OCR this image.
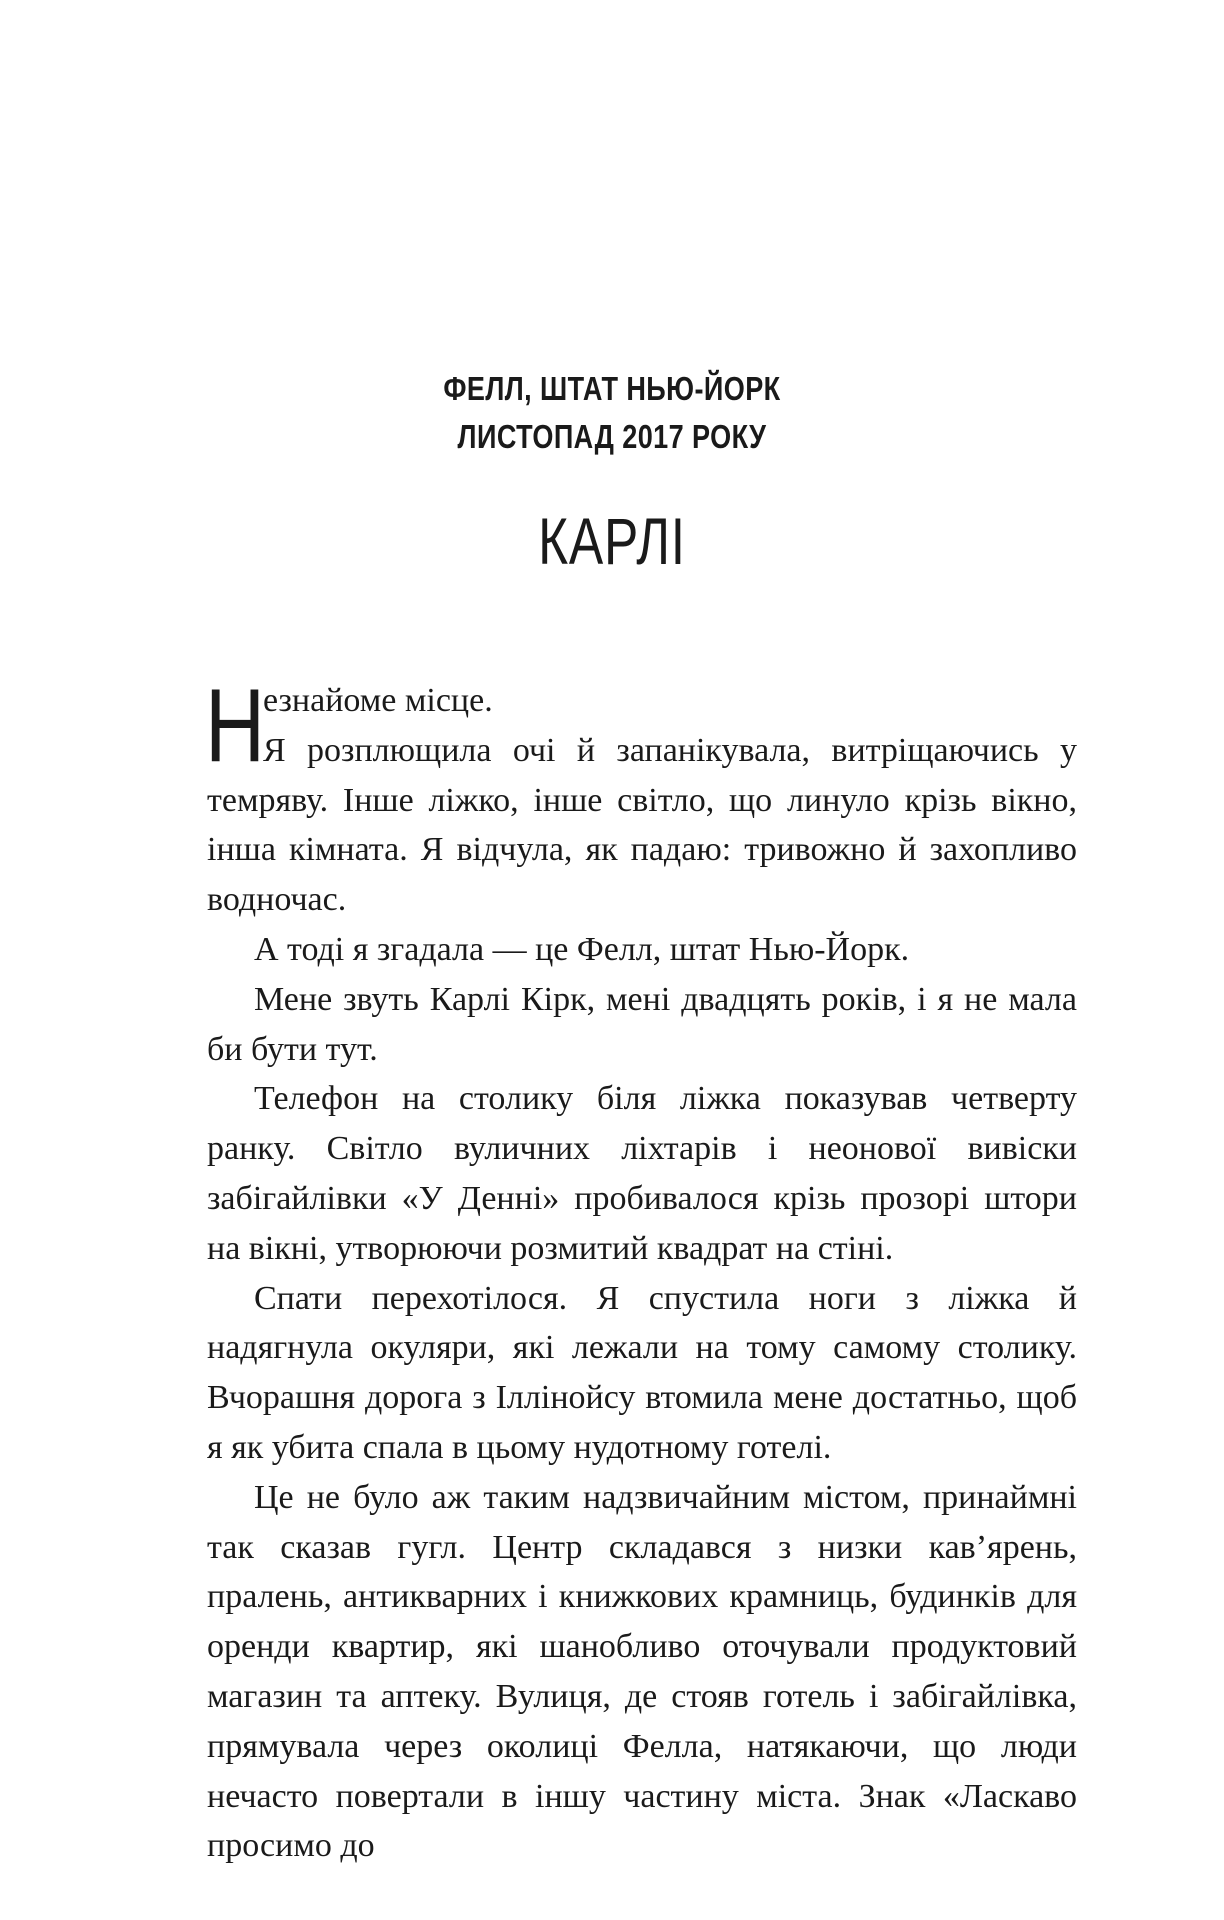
ФЕЛЛ, ШТАТ НЬЮ-ЙОРК
ЛИСТОПАД 2017 РОКУ
КАРЛІ

Н
езнайоме місце.

Я розплющила очі й запанікувала, витріщаючись у темряву. Інше ліжко, інше світло, що линуло крізь вікно, інша кімната. Я відчула, як падаю: тривожно й захопливо водночас.

А тоді я згадала — це Фелл, штат Нью-Йорк.

Мене звуть Карлі Кірк, мені двадцять років, і я не мала би бути тут.

Телефон на столику біля ліжка показував четверту ранку. Світло вуличних ліхтарів і неонової вивіски забігайлівки «У Денні» пробивалося крізь прозорі штори на вікні, утворюючи розмитий квадрат на стіні.

Спати перехотілося. Я спустила ноги з ліжка й надягнула окуляри, які лежали на тому самому столику. Вчорашня дорога з Іллінойсу втомила мене достатньо, щоб я як убита спала в цьому нудотному готелі.

Це не було аж таким надзвичайним містом, принаймні так сказав гугл. Центр складався з низки кав’ярень, пралень, антикварних і книжкових крамниць, будинків для оренди квартир, які шанобливо оточували продуктовий магазин та аптеку. Вулиця, де стояв готель і забігайлівка, прямувала через околиці Фелла, натякаючи, що люди нечасто повертали в іншу частину міста. Знак «Ласкаво просимо до
